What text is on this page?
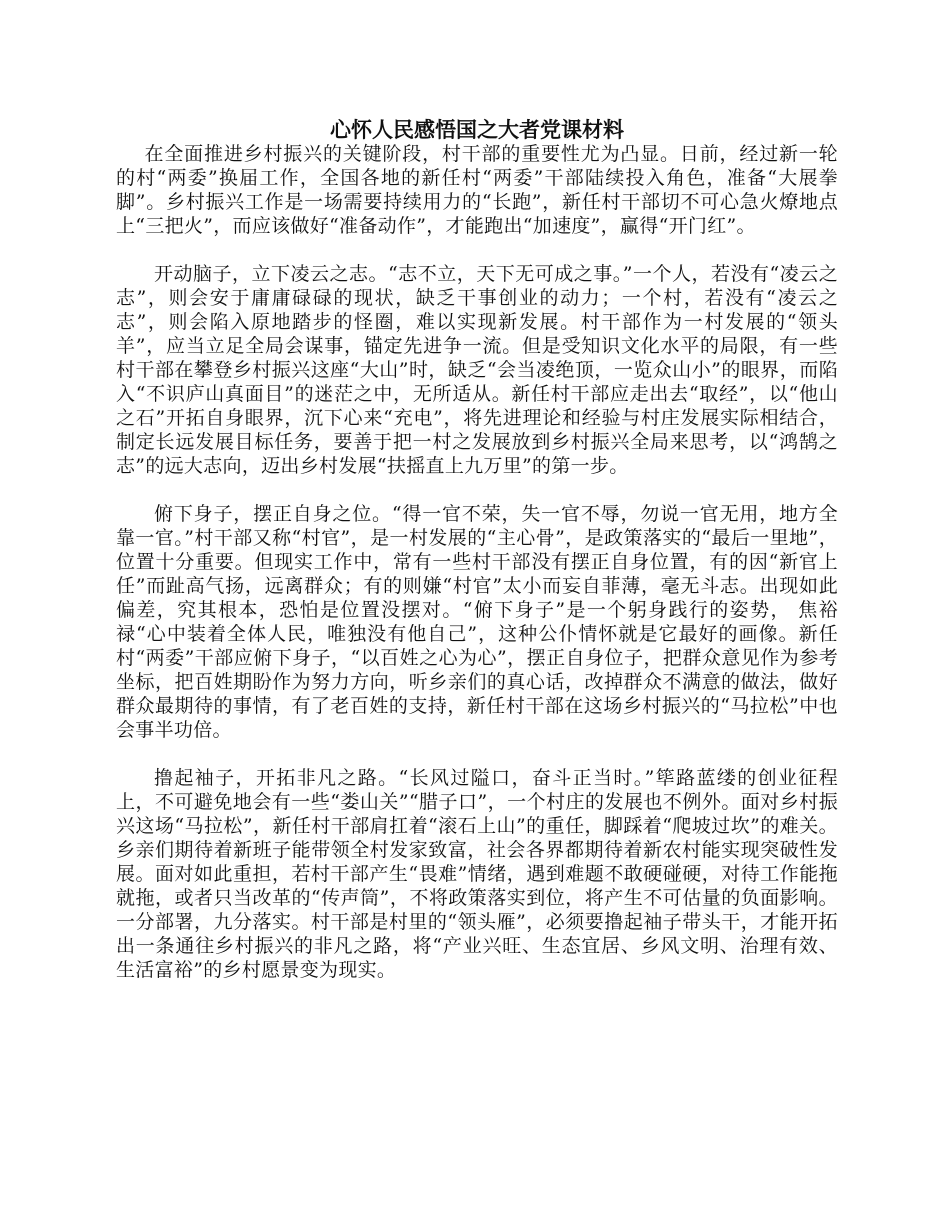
心怀人民感悟国之大者党课材料

在全面推进乡村振兴的关键阶段，村干部的重要性尤为凸显。日前，经过新一轮的村“两委”换届工作，全国各地的新任村“两委”干部陆续投入角色，准备“大展拳脚”。乡村振兴工作是一场需要持续用力的“长跑”，新任村干部切不可心急火燎地点上“三把火”，而应该做好“准备动作”，才能跑出“加速度”，赢得“开门红”。

开动脑子，立下凌云之志。“志不立，天下无可成之事。”一个人，若没有“凌云之志”，则会安于庸庸碌碌的现状，缺乏干事创业的动力；一个村，若没有“凌云之志”，则会陷入原地踏步的怪圈，难以实现新发展。村干部作为一村发展的“领头羊”，应当立足全局会谋事，锚定先进争一流。但是受知识文化水平的局限，有一些村干部在攀登乡村振兴这座“大山”时，缺乏“会当凌绝顶，一览众山小”的眼界，而陷入“不识庐山真面目”的迷茫之中，无所适从。新任村干部应走出去“取经”，以“他山之石”开拓自身眼界，沉下心来“充电”，将先进理论和经验与村庄发展实际相结合，制定长远发展目标任务，要善于把一村之发展放到乡村振兴全局来思考，以“鸿鹄之志”的远大志向，迈出乡村发展“扶摇直上九万里”的第一步。

俯下身子，摆正自身之位。“得一官不荣，失一官不辱，勿说一官无用，地方全靠一官。”村干部又称“村官”，是一村发展的“主心骨”，是政策落实的“最后一里地”，位置十分重要。但现实工作中，常有一些村干部没有摆正自身位置，有的因“新官上任”而趾高气扬，远离群众；有的则嫌“村官”太小而妄自菲薄，毫无斗志。出现如此偏差，究其根本，恐怕是位置没摆对。“俯下身子”是一个躬身践行的姿势， 焦裕禄“心中装着全体人民，唯独没有他自己”，这种公仆情怀就是它最好的画像。新任村“两委”干部应俯下身子，“以百姓之心为心”，摆正自身位子，把群众意见作为参考坐标，把百姓期盼作为努力方向，听乡亲们的真心话，改掉群众不满意的做法，做好群众最期待的事情，有了老百姓的支持，新任村干部在这场乡村振兴的“马拉松”中也会事半功倍。

撸起袖子，开拓非凡之路。“长风过隘口，奋斗正当时。”筚路蓝缕的创业征程上，不可避免地会有一些“娄山关”“腊子口”，一个村庄的发展也不例外。面对乡村振兴这场“马拉松”，新任村干部肩扛着“滚石上山”的重任，脚踩着“爬坡过坎”的难关。乡亲们期待着新班子能带领全村发家致富，社会各界都期待着新农村能实现突破性发展。面对如此重担，若村干部产生“畏难”情绪，遇到难题不敢硬碰硬，对待工作能拖就拖，或者只当改革的“传声筒”，不将政策落实到位，将产生不可估量的负面影响。一分部署，九分落实。村干部是村里的“领头雁”，必须要撸起袖子带头干，才能开拓出一条通往乡村振兴的非凡之路，将“产业兴旺、生态宜居、乡风文明、治理有效、生活富裕”的乡村愿景变为现实。
